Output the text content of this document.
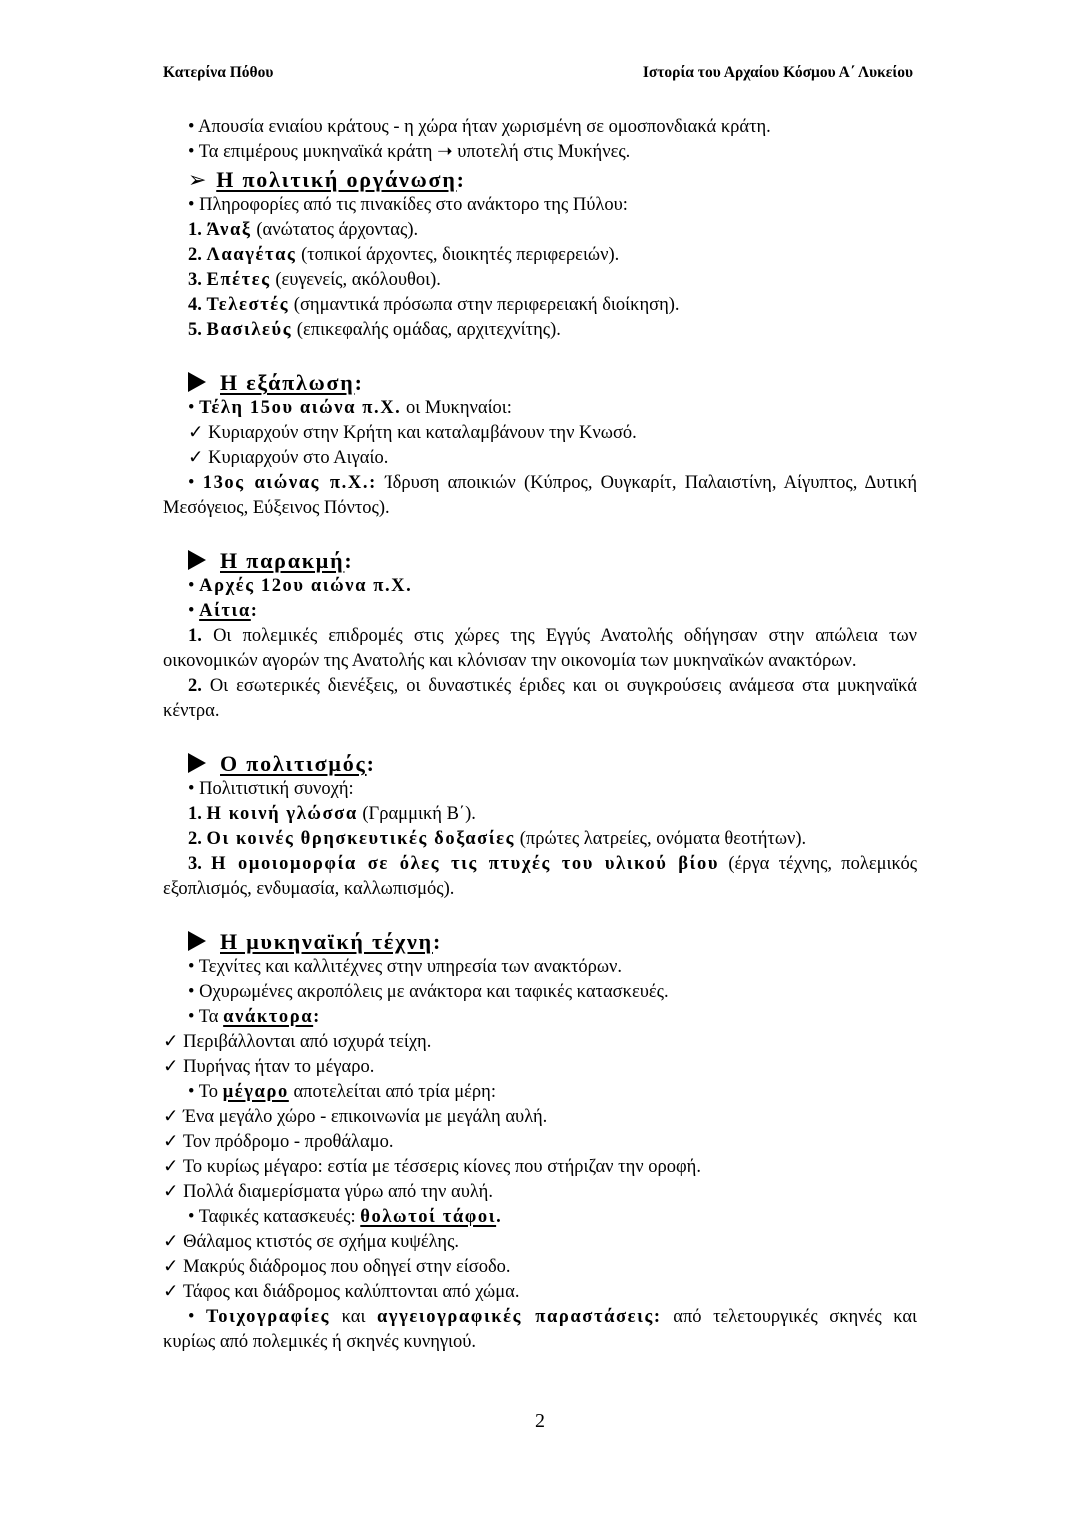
Κατερίνα Πόθου	Ιστορία του Αρχαίου Κόσμου Α΄ Λυκείου
• Απουσία ενιαίου κράτους - η χώρα ήταν χωρισμένη σε ομοσπονδιακά κράτη.
• Τα επιμέρους μυκηναϊκά κράτη ➝ υποτελή στις Μυκήνες.
➢ Η πολιτική οργάνωση:
• Πληροφορίες από τις πινακίδες στο ανάκτορο της Πύλου:
1. Άναξ (ανώτατος άρχοντας).
2. Λααγέτας (τοπικοί άρχοντες, διοικητές περιφερειών).
3. Επέτες (ευγενείς, ακόλουθοι).
4. Τελεστές (σημαντικά πρόσωπα στην περιφερειακή διοίκηση).
5. Βασιλεύς (επικεφαλής ομάδας, αρχιτεχνίτης).
Η εξάπλωση:
• Τέλη 15ου αιώνα π.Χ. οι Μυκηναίοι:
✓ Κυριαρχούν στην Κρήτη και καταλαμβάνουν την Κνωσό.
✓ Κυριαρχούν στο Αιγαίο.
• 13ος αιώνας π.Χ.: Ίδρυση αποικιών (Κύπρος, Ουγκαρίτ, Παλαιστίνη, Αίγυπτος, Δυτική Μεσόγειος, Εύξεινος Πόντος).
Η παρακμή:
• Αρχές 12ου αιώνα π.Χ.
• Αίτια:
1. Οι πολεμικές επιδρομές στις χώρες της Εγγύς Ανατολής οδήγησαν στην απώλεια των οικονομικών αγορών της Ανατολής και κλόνισαν την οικονομία των μυκηναϊκών ανακτόρων.
2. Οι εσωτερικές διενέξεις, οι δυναστικές έριδες και οι συγκρούσεις ανάμεσα στα μυκηναϊκά κέντρα.
Ο πολιτισμός:
• Πολιτιστική συνοχή:
1. Η κοινή γλώσσα (Γραμμική Β΄).
2. Οι κοινές θρησκευτικές δοξασίες (πρώτες λατρείες, ονόματα θεοτήτων).
3. Η ομοιομορφία σε όλες τις πτυχές του υλικού βίου (έργα τέχνης, πολεμικός εξοπλισμός, ενδυμασία, καλλωπισμός).
Η μυκηναϊκή τέχνη:
• Τεχνίτες και καλλιτέχνες στην υπηρεσία των ανακτόρων.
• Οχυρωμένες ακροπόλεις με ανάκτορα και ταφικές κατασκευές.
• Τα ανάκτορα:
✓ Περιβάλλονται από ισχυρά τείχη.
✓ Πυρήνας ήταν το μέγαρο.
• Το μέγαρο αποτελείται από τρία μέρη:
✓ Ένα μεγάλο χώρο - επικοινωνία με μεγάλη αυλή.
✓ Τον πρόδρομο - προθάλαμο.
✓ Το κυρίως μέγαρο: εστία με τέσσερις κίονες που στήριζαν την οροφή.
✓ Πολλά διαμερίσματα γύρω από την αυλή.
• Ταφικές κατασκευές: θολωτοί τάφοι.
✓ Θάλαμος κτιστός σε σχήμα κυψέλης.
✓ Μακρύς διάδρομος που οδηγεί στην είσοδο.
✓ Τάφος και διάδρομος καλύπτονται από χώμα.
• Τοιχογραφίες και αγγειογραφικές παραστάσεις: από τελετουργικές σκηνές και κυρίως από πολεμικές ή σκηνές κυνηγιού.
2
